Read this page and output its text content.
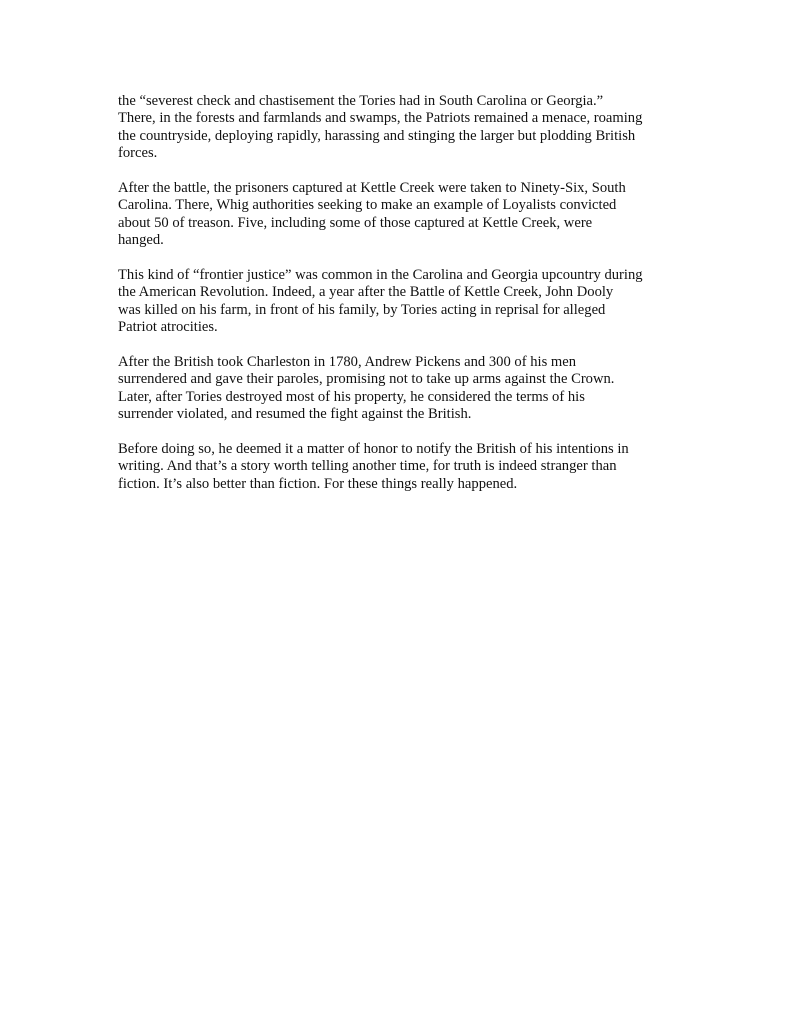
the “severest check and chastisement the Tories had in South Carolina or Georgia.”
There, in the forests and farmlands and swamps, the Patriots remained a menace, roaming
the countryside, deploying rapidly, harassing and stinging the larger but plodding British
forces.

After the battle, the prisoners captured at Kettle Creek were taken to Ninety-Six, South
Carolina. There, Whig authorities seeking to make an example of Loyalists convicted
about 50 of treason. Five, including some of those captured at Kettle Creek, were
hanged.

This kind of “frontier justice” was common in the Carolina and Georgia upcountry during
the American Revolution. Indeed, a year after the Battle of Kettle Creek, John Dooly
was killed on his farm, in front of his family, by Tories acting in reprisal for alleged
Patriot atrocities.

After the British took Charleston in 1780, Andrew Pickens and 300 of his men
surrendered and gave their paroles, promising not to take up arms against the Crown.
Later, after Tories destroyed most of his property, he considered the terms of his
surrender violated, and resumed the fight against the British.

Before doing so, he deemed it a matter of honor to notify the British of his intentions in
writing. And that’s a story worth telling another time, for truth is indeed stranger than
fiction. It’s also better than fiction. For these things really happened.
